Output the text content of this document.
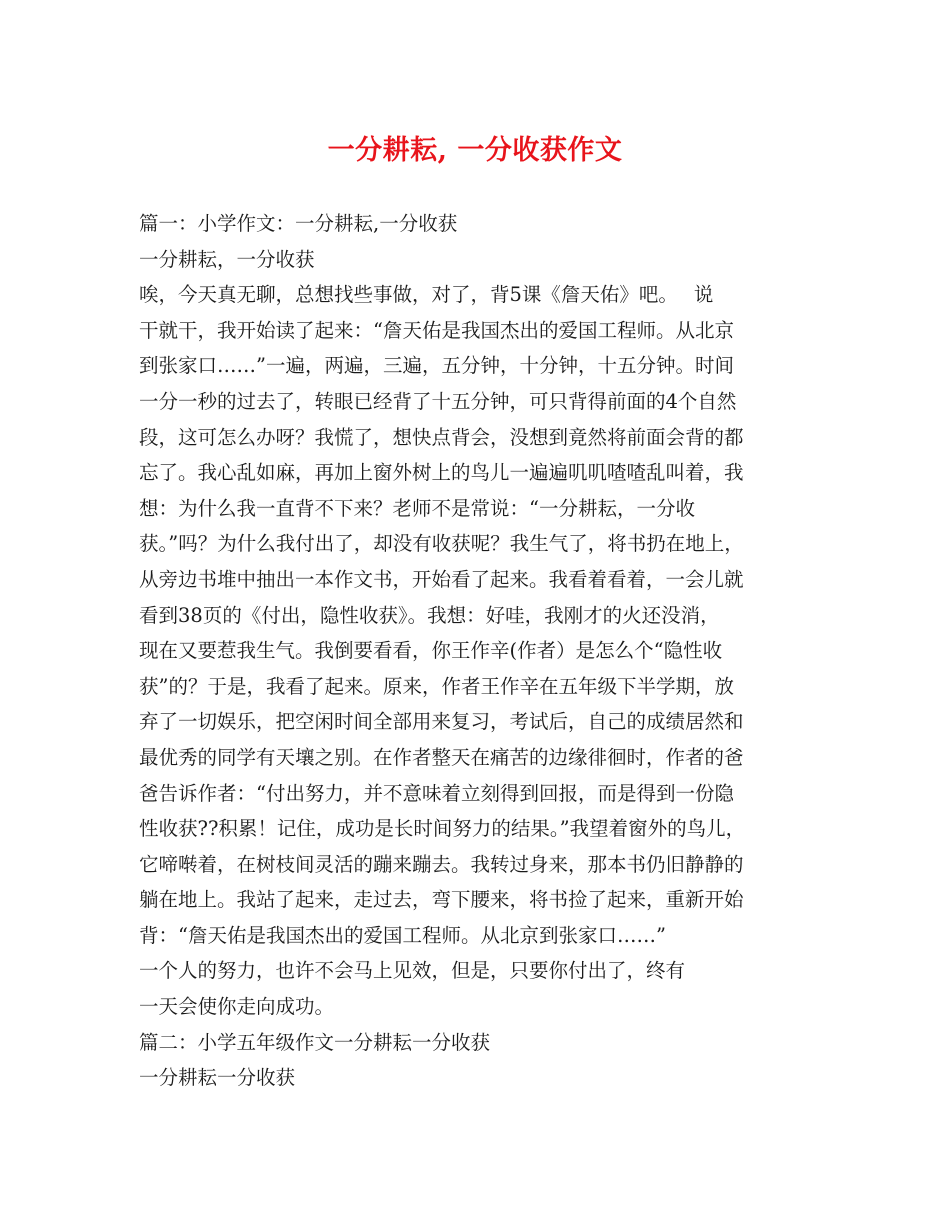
一分耕耘, 一分收获作文
篇一：小学作文：一分耕耘,一分收获
一分耕耘，一分收获
唉，今天真无聊，总想找些事做，对了，背5课《詹天佑》吧。　 说
干就干，我开始读了起来：“詹天佑是我国杰出的爱国工程师。从北京
到张家口……”一遍，两遍，三遍，五分钟，十分钟，十五分钟。时间
一分一秒的过去了，转眼已经背了十五分钟，可只背得前面的4个自然
段，这可怎么办呀？我慌了，想快点背会，没想到竟然将前面会背的都
忘了。我心乱如麻，再加上窗外树上的鸟儿一遍遍叽叽喳喳乱叫着，我
想：为什么我一直背不下来？老师不是常说：“一分耕耘，一分收
获。”吗？为什么我付出了，却没有收获呢？我生气了，将书扔在地上，
从旁边书堆中抽出一本作文书，开始看了起来。我看着看着，一会儿就
看到38页的《付出，隐性收获》。我想：好哇，我刚才的火还没消，
现在又要惹我生气。我倒要看看，你王作辛(作者）是怎么个“隐性收
获”的？于是，我看了起来。原来，作者王作辛在五年级下半学期，放
弃了一切娱乐，把空闲时间全部用来复习，考试后，自己的成绩居然和
最优秀的同学有天壤之别。在作者整天在痛苦的边缘徘徊时，作者的爸
爸告诉作者：“付出努力，并不意味着立刻得到回报，而是得到一份隐
性收获??积累！记住，成功是长时间努力的结果。”我望着窗外的鸟儿，
它啼啭着，在树枝间灵活的蹦来蹦去。我转过身来，那本书仍旧静静的
躺在地上。我站了起来，走过去，弯下腰来，将书捡了起来，重新开始
背：“詹天佑是我国杰出的爱国工程师。从北京到张家口……”
一个人的努力，也许不会马上见效，但是，只要你付出了，终有
一天会使你走向成功。
篇二：小学五年级作文一分耕耘一分收获
一分耕耘一分收获
